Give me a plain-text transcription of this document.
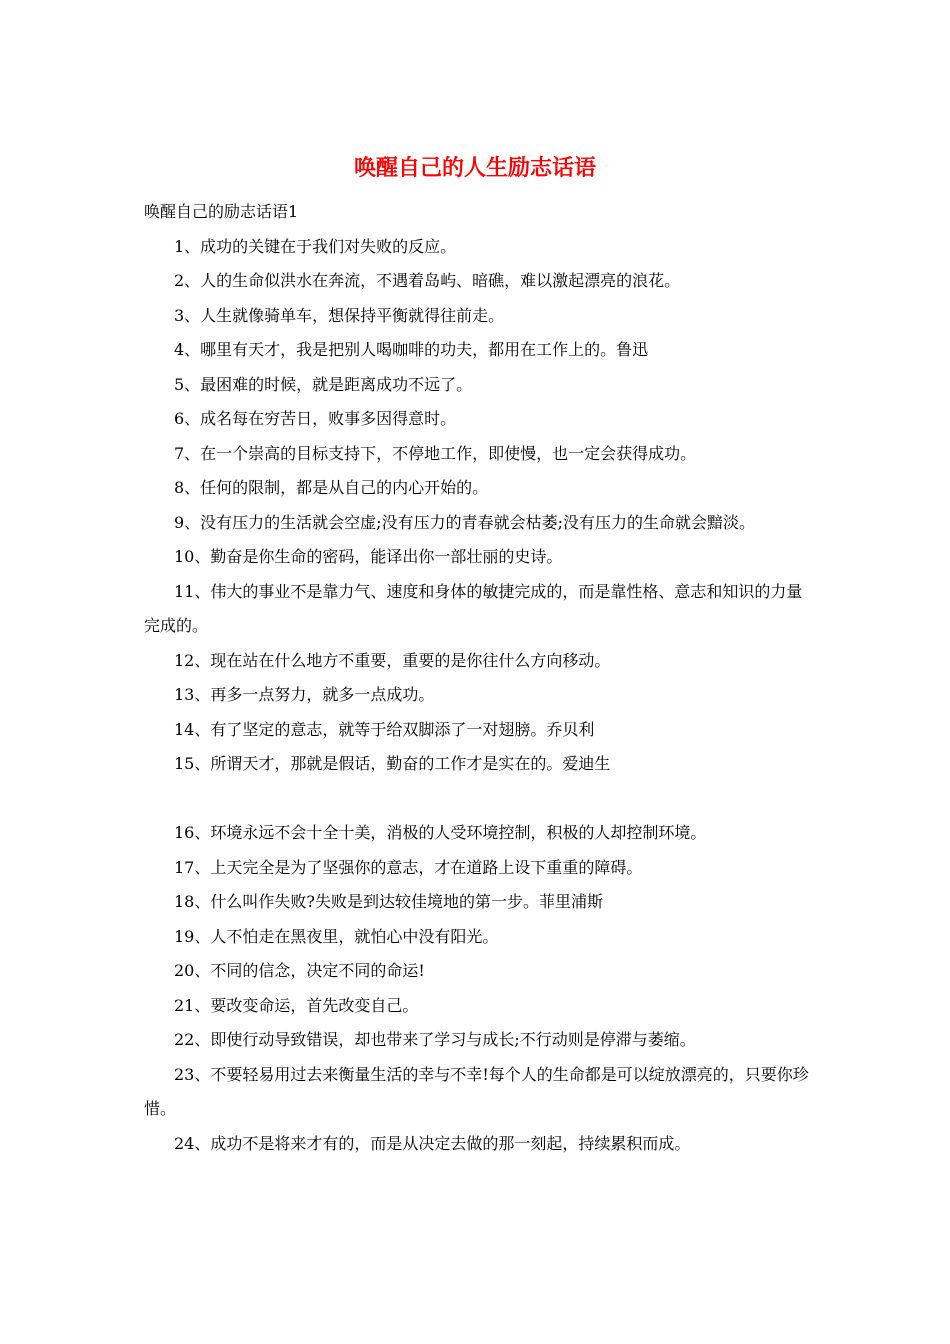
唤醒自己的人生励志话语

唤醒自己的励志话语1

1、成功的关键在于我们对失败的反应。

2、人的生命似洪水在奔流，不遇着岛屿、暗礁，难以激起漂亮的浪花。

3、人生就像骑单车，想保持平衡就得往前走。

4、哪里有天才，我是把别人喝咖啡的功夫，都用在工作上的。鲁迅

5、最困难的时候，就是距离成功不远了。

6、成名每在穷苦日，败事多因得意时。

7、在一个崇高的目标支持下，不停地工作，即使慢，也一定会获得成功。

8、任何的限制，都是从自己的内心开始的。

9、没有压力的生活就会空虚;没有压力的青春就会枯萎;没有压力的生命就会黯淡。

10、勤奋是你生命的密码，能译出你一部壮丽的史诗。

11、伟大的事业不是靠力气、速度和身体的敏捷完成的，而是靠性格、意志和知识的力量完成的。

12、现在站在什么地方不重要，重要的是你往什么方向移动。

13、再多一点努力，就多一点成功。

14、有了坚定的意志，就等于给双脚添了一对翅膀。乔贝利

15、所谓天才，那就是假话，勤奋的工作才是实在的。爱迪生

16、环境永远不会十全十美，消极的人受环境控制，积极的人却控制环境。

17、上天完全是为了坚强你的意志，才在道路上设下重重的障碍。

18、什么叫作失败?失败是到达较佳境地的第一步。菲里浦斯

19、人不怕走在黑夜里，就怕心中没有阳光。

20、不同的信念，决定不同的命运!

21、要改变命运，首先改变自己。

22、即使行动导致错误，却也带来了学习与成长;不行动则是停滞与萎缩。

23、不要轻易用过去来衡量生活的幸与不幸!每个人的生命都是可以绽放漂亮的，只要你珍惜。

24、成功不是将来才有的，而是从决定去做的那一刻起，持续累积而成。
